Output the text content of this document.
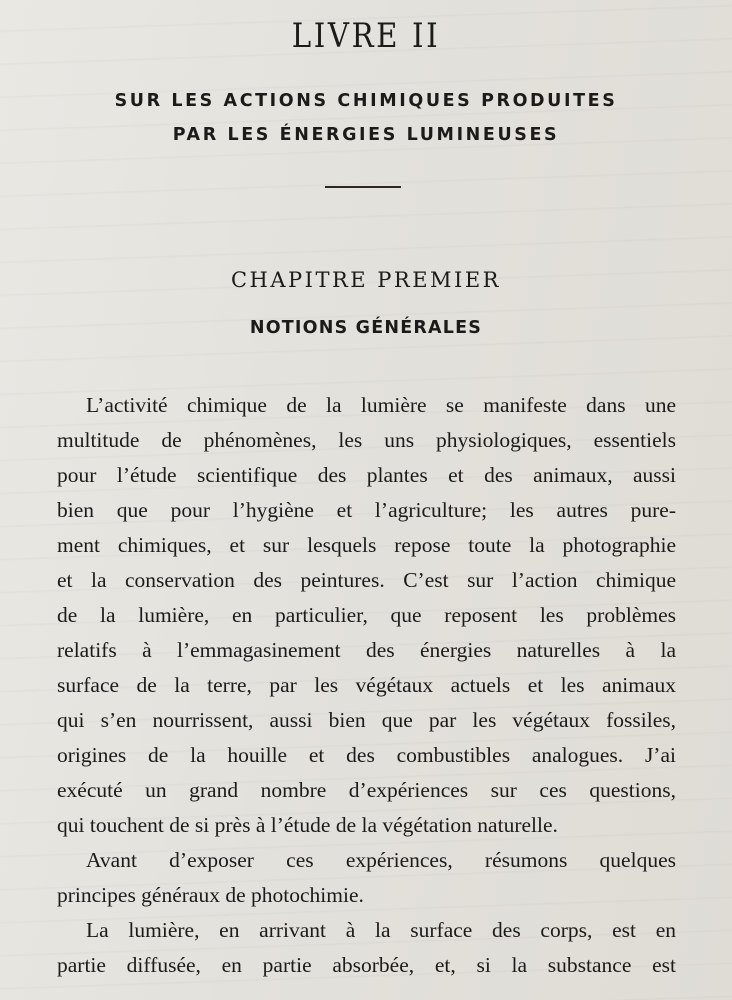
LIVRE II
SUR LES ACTIONS CHIMIQUES PRODUITES
PAR LES ÉNERGIES LUMINEUSES
CHAPITRE PREMIER
NOTIONS GÉNÉRALES
L’activité chimique de la lumière se manifeste dans une
multitude de phénomènes, les uns physiologiques, essentiels
pour l’étude scientifique des plantes et des animaux, aussi
bien que pour l’hygiène et l’agriculture; les autres pure-
ment chimiques, et sur lesquels repose toute la photographie
et la conservation des peintures. C’est sur l’action chimique
de la lumière, en particulier, que reposent les problèmes
relatifs à l’emmagasinement des énergies naturelles à la
surface de la terre, par les végétaux actuels et les animaux
qui s’en nourrissent, aussi bien que par les végétaux fossiles,
origines de la houille et des combustibles analogues. J’ai
exécuté un grand nombre d’expériences sur ces questions,
qui touchent de si près à l’étude de la végétation naturelle.
Avant d’exposer ces expériences, résumons quelques
principes généraux de photochimie.
La lumière, en arrivant à la surface des corps, est en
partie diffusée, en partie absorbée, et, si la substance est
